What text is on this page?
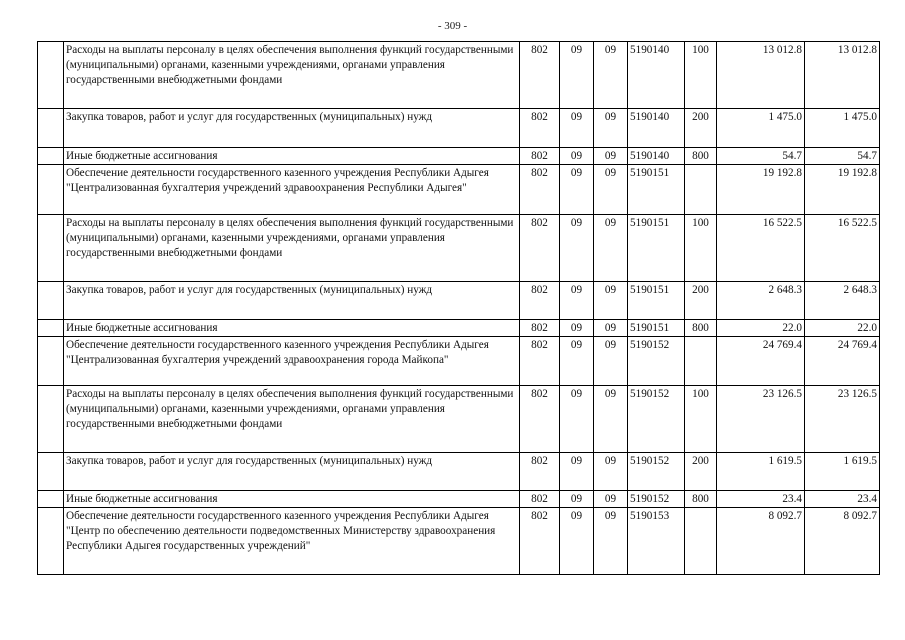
- 309 -
	Расходы на выплаты персоналу в целях обеспечения выполнения функций государственными (муниципальными) органами, казенными учреждениями, органами управления государственными внебюджетными фондами	802	09	09	5190140	100	13 012.8	13 012.8
	Закупка товаров, работ и услуг для государственных (муниципальных) нужд	802	09	09	5190140	200	1 475.0	1 475.0
	Иные бюджетные ассигнования	802	09	09	5190140	800	54.7	54.7
	Обеспечение деятельности государственного казенного учреждения Республики Адыгея "Централизованная бухгалтерия учреждений здравоохранения Республики Адыгея"	802	09	09	5190151		19 192.8	19 192.8
	Расходы на выплаты персоналу в целях обеспечения выполнения функций государственными (муниципальными) органами, казенными учреждениями, органами управления государственными внебюджетными фондами	802	09	09	5190151	100	16 522.5	16 522.5
	Закупка товаров, работ и услуг для государственных (муниципальных) нужд	802	09	09	5190151	200	2 648.3	2 648.3
	Иные бюджетные ассигнования	802	09	09	5190151	800	22.0	22.0
	Обеспечение деятельности государственного казенного учреждения Республики Адыгея "Централизованная бухгалтерия учреждений здравоохранения города Майкопа"	802	09	09	5190152		24 769.4	24 769.4
	Расходы на выплаты персоналу в целях обеспечения выполнения функций государственными (муниципальными) органами, казенными учреждениями, органами управления государственными внебюджетными фондами	802	09	09	5190152	100	23 126.5	23 126.5
	Закупка товаров, работ и услуг для государственных (муниципальных) нужд	802	09	09	5190152	200	1 619.5	1 619.5
	Иные бюджетные ассигнования	802	09	09	5190152	800	23.4	23.4
	Обеспечение деятельности государственного казенного учреждения Республики Адыгея "Центр по обеспечению деятельности подведомственных Министерству здравоохранения Республики Адыгея государственных учреждений"	802	09	09	5190153		8 092.7	8 092.7
